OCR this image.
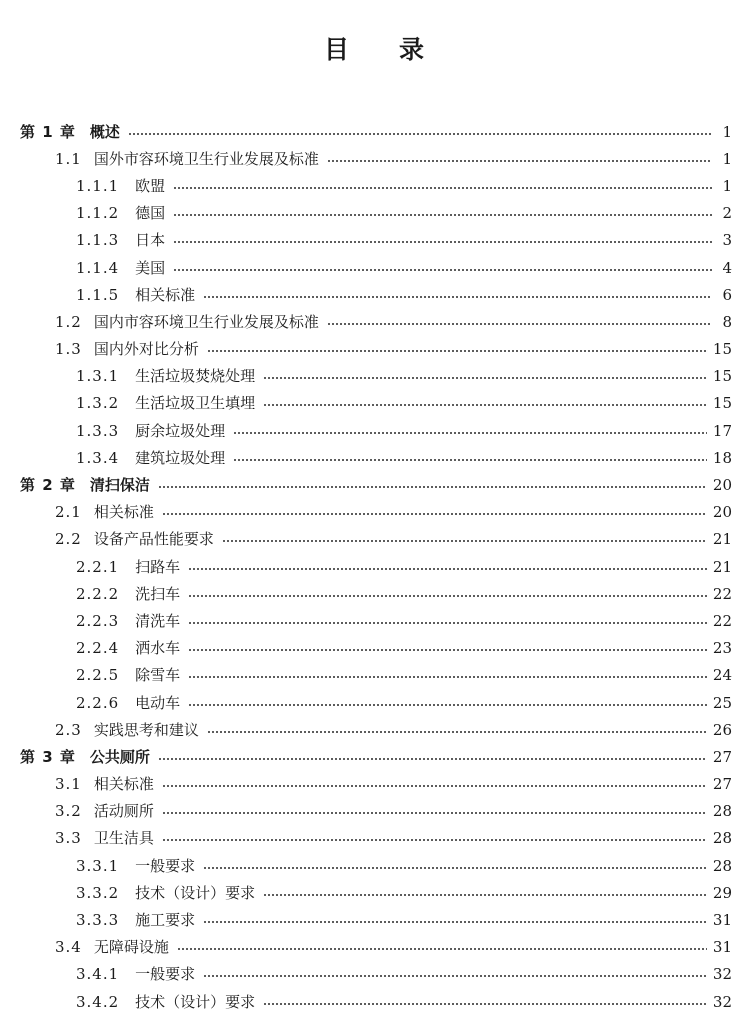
目 录
第 1 章 概述	1
1.1 国外市容环境卫生行业发展及标准	1
1.1.1 欧盟	1
1.1.2 德国	2
1.1.3 日本	3
1.1.4 美国	4
1.1.5 相关标准	6
1.2 国内市容环境卫生行业发展及标准	8
1.3 国内外对比分析	15
1.3.1 生活垃圾焚烧处理	15
1.3.2 生活垃圾卫生填埋	15
1.3.3 厨余垃圾处理	17
1.3.4 建筑垃圾处理	18
第 2 章 清扫保洁	20
2.1 相关标准	20
2.2 设备产品性能要求	21
2.2.1 扫路车	21
2.2.2 洗扫车	22
2.2.3 清洗车	22
2.2.4 洒水车	23
2.2.5 除雪车	24
2.2.6 电动车	25
2.3 实践思考和建议	26
第 3 章 公共厕所	27
3.1 相关标准	27
3.2 活动厕所	28
3.3 卫生洁具	28
3.3.1 一般要求	28
3.3.2 技术（设计）要求	29
3.3.3 施工要求	31
3.4 无障碍设施	31
3.4.1 一般要求	32
3.4.2 技术（设计）要求	32
